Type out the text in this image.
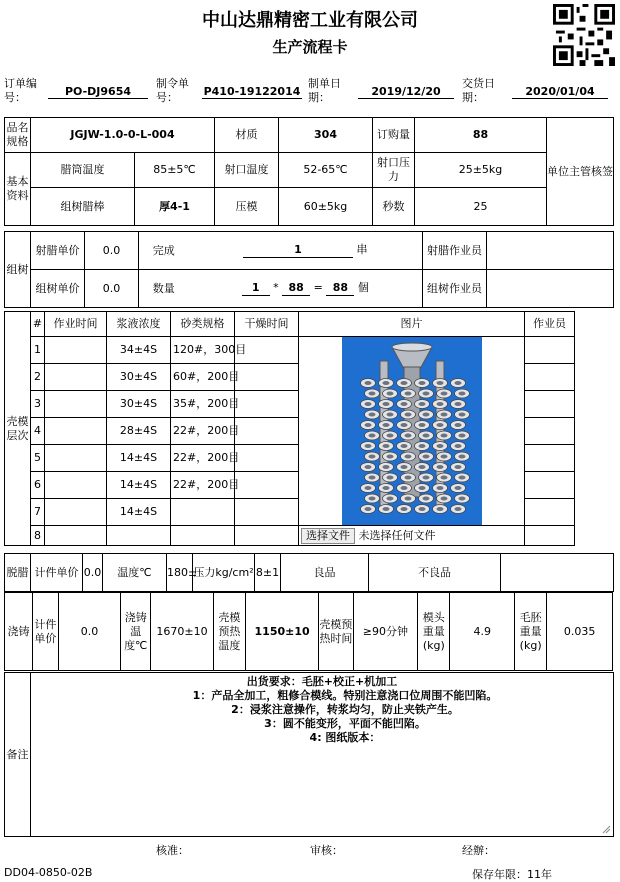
中山达鼎精密工业有限公司
生产流程卡
订单编号：	PO-DJ9654
制令单号：	P410-19122014
制单日期：	2019/12/20
交货日期：	2020/01/04
品名规格	JGJW-1.0-0-L-004		材质	304	订购量	88	单位主管核签
基本资料	腊筒温度	85±5℃	射口温度	52-65℃	射口压力	25±5kg	
	组树腊棒	厚4-1	压模	60±5kg	秒数	25	
组树	射腊单价	0.0	完成	1 串	射腊作业员	
	组树单价	0.0	数量	1 * 88 = 88 個	组树作业员	
壳模层次	#	作业时间	浆液浓度	砂类规格	干燥时间	图片	作业员	
	1		34±4S	120#，300目		

	2		30±4S	60#，200目				
	3		30±4S	35#，200目				
	4		28±4S	22#，200目				
	5		14±4S	22#，200目				
	6		14±4S	22#，200目				
	7		14±4S					
	8					选择文件 未选择任何文件		
脱腊	计件单价	0.0	温度℃	180±	压力kg/cm²	8±1	良品	不良品	
浇铸	计件单价	0.0	浇铸温度℃	1670±10	壳模预热温度	1150±10	壳模预热时间	≥90分钟	模头重量(kg)	4.9	毛胚重量(kg)	0.035
备注	
出货要求：毛胚+校正+机加工
1：产品全加工，粗修合模线。特别注意浇口位周围不能凹陷。
2：浸浆注意操作，转浆均匀，防止夹铁产生。
3：圆不能变形，平面不能凹陷。
4: 图纸版本：
核准：	审核：	经辦：
DD04-0850-02B	保存年限：11年
